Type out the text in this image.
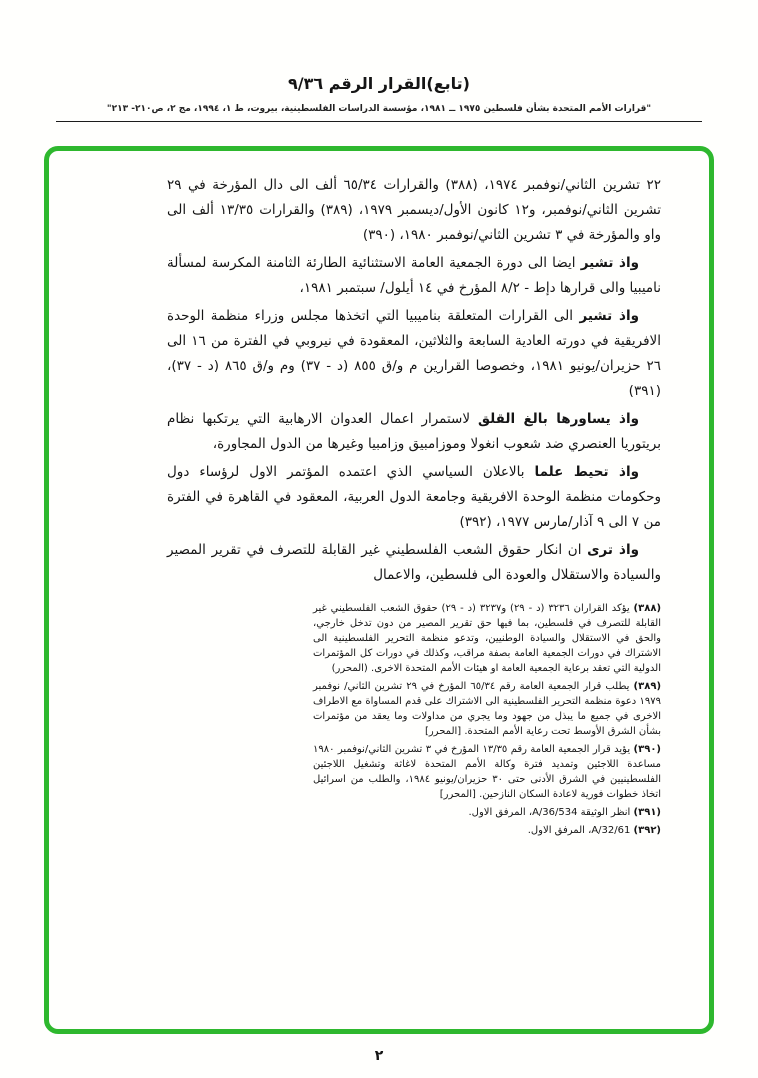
(تابع)القرار الرقم ٩/٣٦
"قرارات الأمم المتحدة بشأن فلسطين ١٩٧٥ ــ ١٩٨١، مؤسسة الدراسات الفلسطينية، بيروت، ط ١، ١٩٩٤، مج ٢، ص٢١٠- ٢١٣"

٢٢ تشرين الثاني/نوفمبر ١٩٧٤، (٣٨٨) والقرارات ٦٥/٣٤ ألف الى دال المؤرخة في ٢٩ تشرين الثاني/نوفمبر، و١٢ كانون الأول/ديسمبر ١٩٧٩، (٣٨٩) والقرارات ١٣/٣٥ ألف الى واو والمؤرخة في ٣ تشرين الثاني/نوفمبر ١٩٨٠، (٣٩٠)

واذ تشير ايضا الى دورة الجمعية العامة الاستثنائية الطارئة الثامنة المكرسة لمسألة ناميبيا والى قرارها دإط - ٨/٢ المؤرخ في ١٤ أيلول/ سبتمبر ١٩٨١،

واذ تشير الى القرارات المتعلقة بناميبيا التي اتخذها مجلس وزراء منظمة الوحدة الافريقية في دورته العادية السابعة والثلاثين، المعقودة في نيروبي في الفترة من ١٦ الى ٢٦ حزيران/يونيو ١٩٨١، وخصوصا القرارين م و/ق ٨٥٥ (د - ٣٧) وم و/ق ٨٦٥ (د - ٣٧)، (٣٩١)

واذ يساورها بالغ القلق لاستمرار اعمال العدوان الارهابية التي يرتكبها نظام بريتوريا العنصري ضد شعوب انغولا وموزامبيق وزامبيا وغيرها من الدول المجاورة،

واذ تحيط علما بالاعلان السياسي الذي اعتمده المؤتمر الاول لرؤساء دول وحكومات منظمة الوحدة الافريقية وجامعة الدول العربية، المعقود في القاهرة في الفترة من ٧ الى ٩ آذار/مارس ١٩٧٧، (٣٩٢)

واذ ترى ان انكار حقوق الشعب الفلسطيني غير القابلة للتصرف في تقرير المصير والسيادة والاستقلال والعودة الى فلسطين، والاعمال

(٣٨٨) يؤكد القراران ٣٢٣٦ (د - ٢٩) و٣٢٣٧ (د - ٢٩) حقوق الشعب الفلسطيني غير القابلة للتصرف في فلسطين، بما فيها حق تقرير المصير من دون تدخل خارجي، والحق في الاستقلال والسيادة الوطنيين، وتدعو منظمة التحرير الفلسطينية الى الاشتراك في دورات الجمعية العامة بصفة مراقب، وكذلك في دورات كل المؤتمرات الدولية التي تعقد برعاية الجمعية العامة او هيئات الأمم المتحدة الاخرى. (المحرر)

(٣٨٩) يطلب قرار الجمعية العامة رقم ٦٥/٣٤ المؤرخ في ٢٩ تشرين الثاني/ نوفمبر ١٩٧٩ دعوة منظمة التحرير الفلسطينية الى الاشتراك على قدم المساواة مع الاطراف الاخرى في جميع ما يبذل من جهود وما يجري من مداولات وما يعقد من مؤتمرات بشأن الشرق الأوسط تحت رعاية الأمم المتحدة. [المحرر]

(٣٩٠) يؤيد قرار الجمعية العامة رقم ١٣/٣٥ المؤرخ في ٣ تشرين الثاني/نوفمبر ١٩٨٠ مساعدة اللاجئين وتمديد فترة وكالة الأمم المتحدة لاغاثة وتشغيل اللاجئين الفلسطينيين في الشرق الأدنى حتى ٣٠ حزيران/يونيو ١٩٨٤، والطلب من اسرائيل اتخاذ خطوات فورية لاعادة السكان النازحين. [المحرر]

(٣٩١) انظر الوثيقة A/36/534، المرفق الاول.

(٣٩٢) A/32/61، المرفق الاول.

٢
